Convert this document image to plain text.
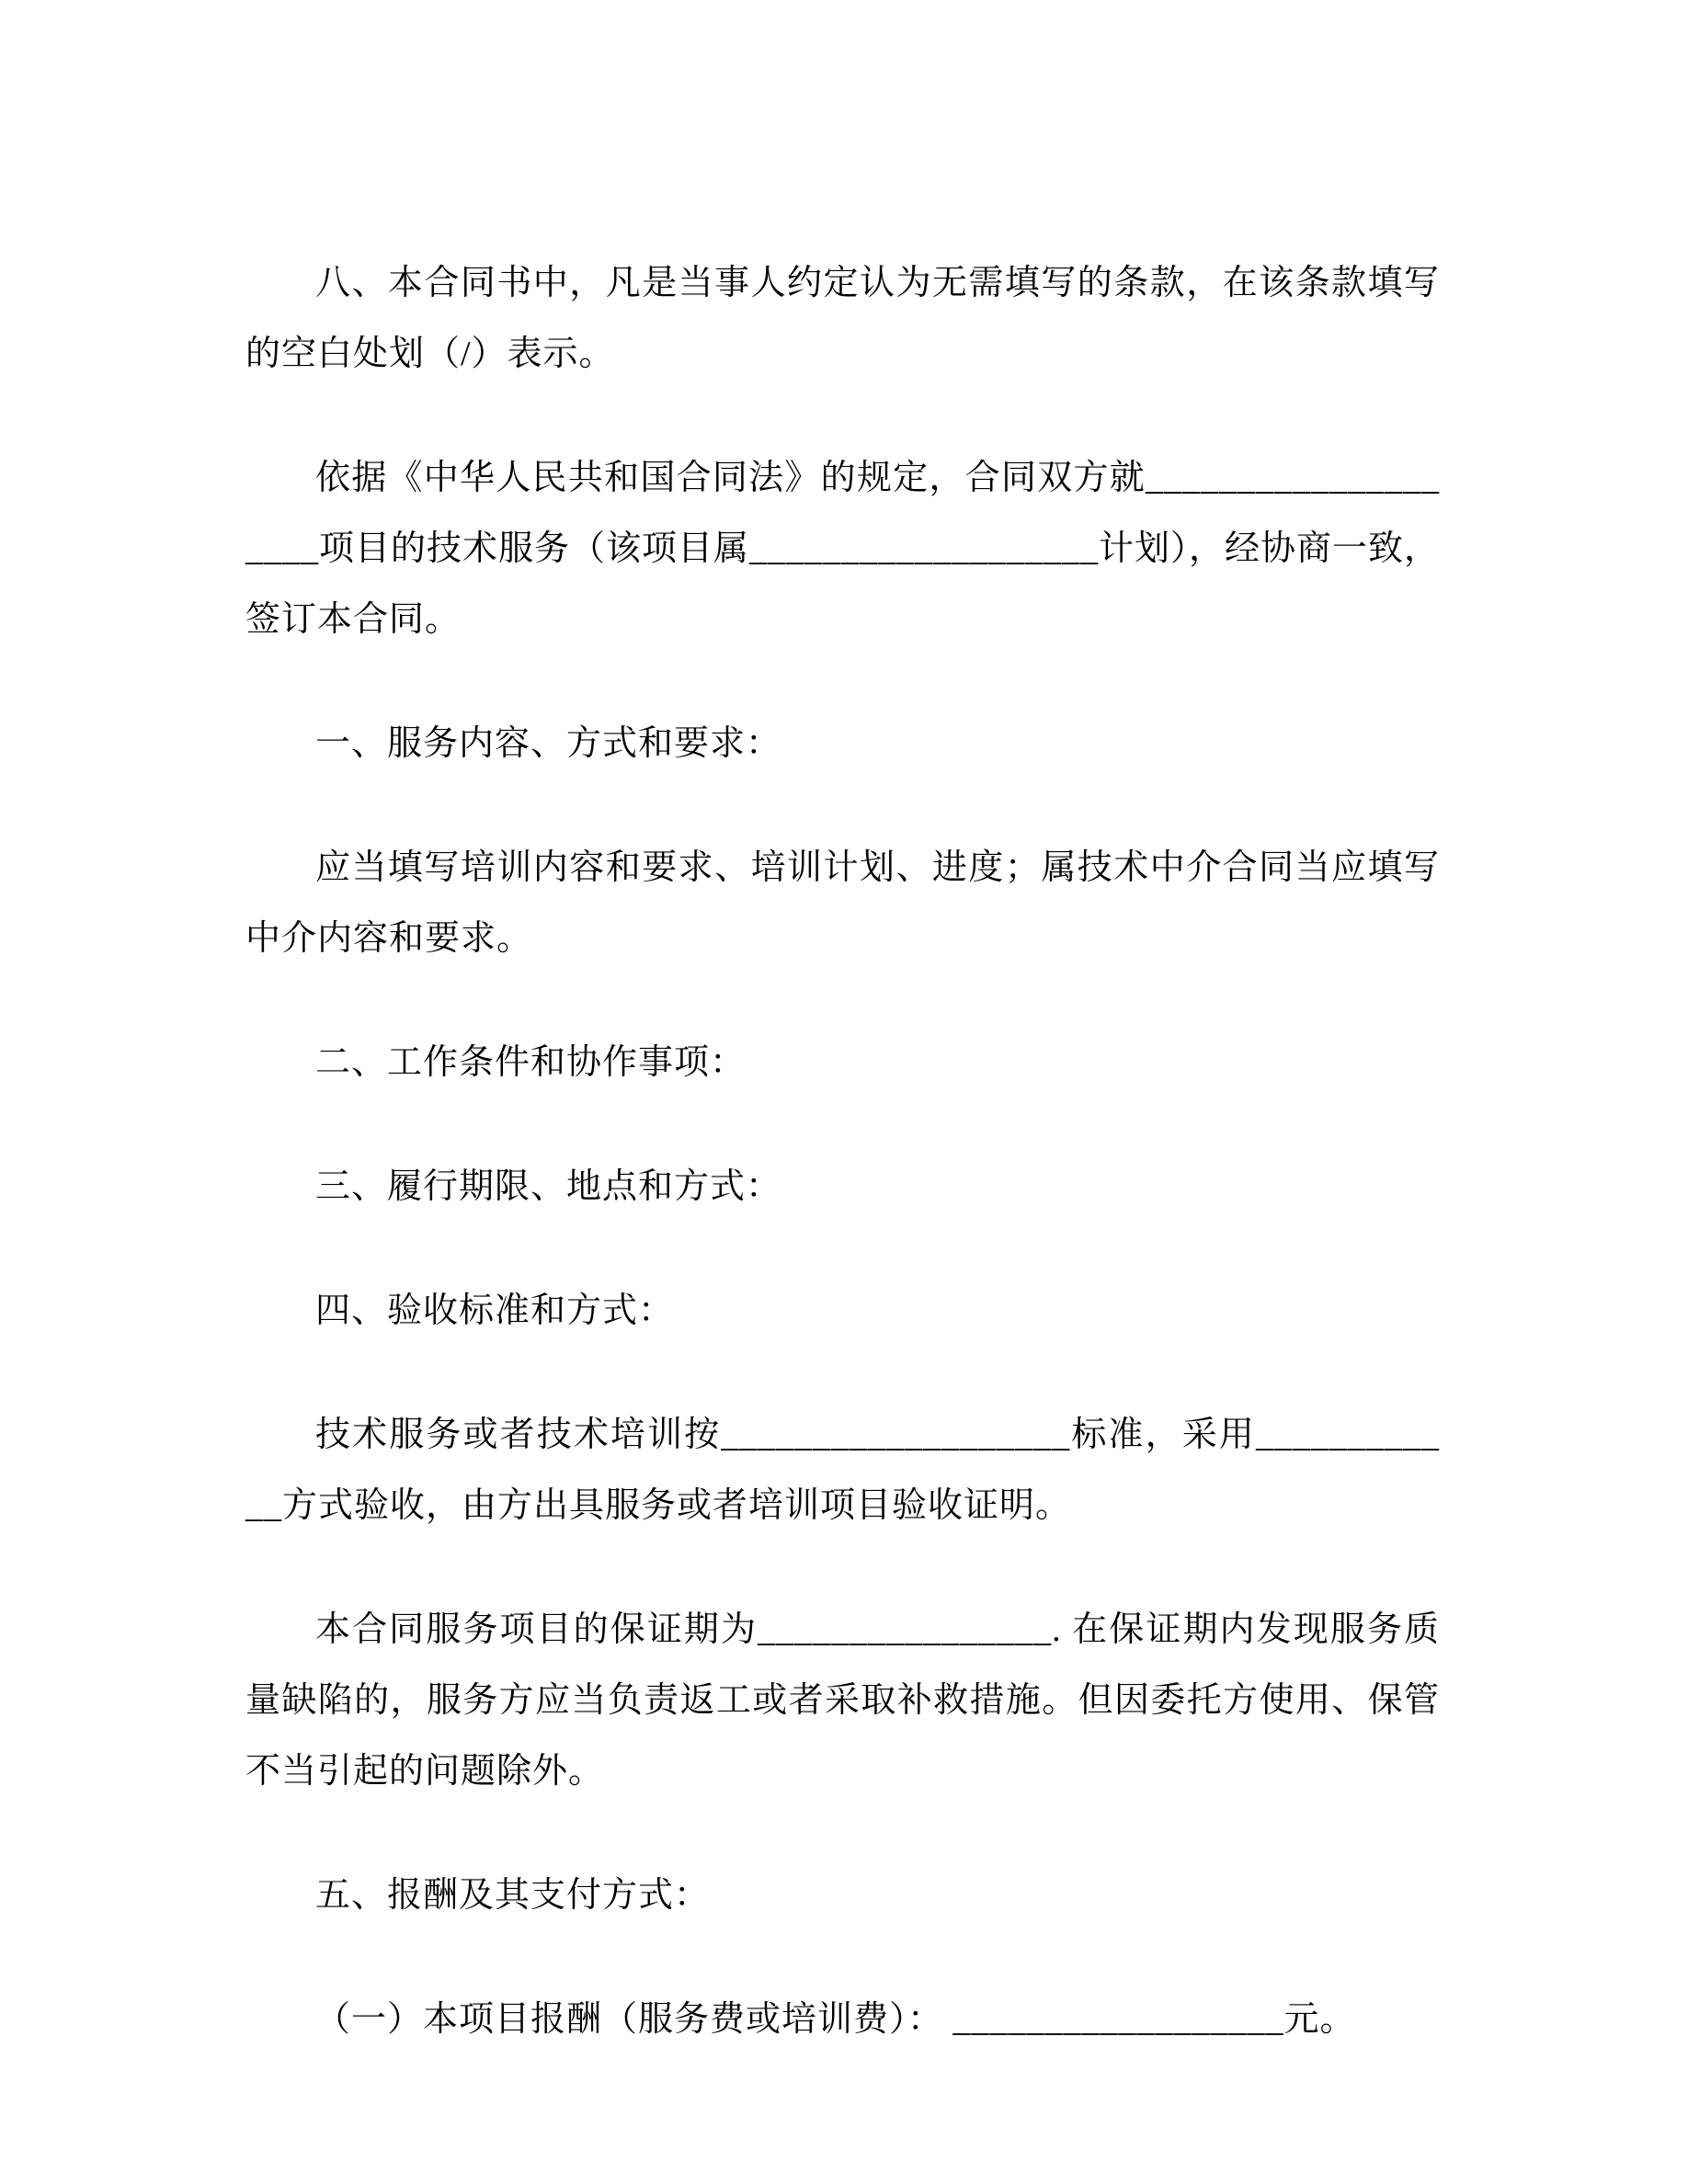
八、本合同书中，凡是当事人约定认为无需填写的条款，在该条款填写的空白处划（/）表示。

依据《中华人民共和国合同法》的规定，合同双方就____________________项目的技术服务（该项目属___________________计划），经协商一致，签订本合同。

一、服务内容、方式和要求：

应当填写培训内容和要求、培训计划、进度；属技术中介合同当应填写中介内容和要求。

二、工作条件和协作事项：

三、履行期限、地点和方式：

四、验收标准和方式：

技术服务或者技术培训按___________________标准，采用____________方式验收，由方出具服务或者培训项目验收证明。

本合同服务项目的保证期为________________. 在保证期内发现服务质量缺陷的，服务方应当负责返工或者采取补救措施。但因委托方使用、保管不当引起的问题除外。

五、报酬及其支付方式：

（一）本项目报酬（服务费或培训费）： __________________元。
